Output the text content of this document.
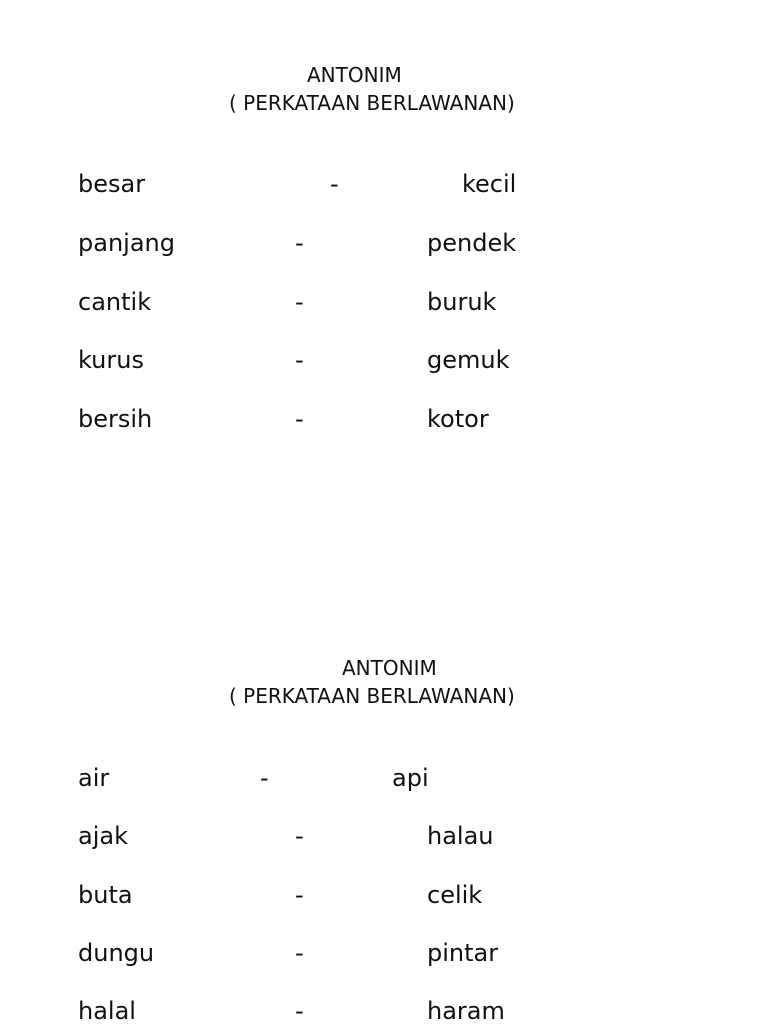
ANTONIM
( PERKATAAN BERLAWANAN)
besar	-	kecil
panjang	-	pendek
cantik	-	buruk
kurus	-	gemuk
bersih	-	kotor
ANTONIM
( PERKATAAN BERLAWANAN)
air	-	api
ajak	-	halau
buta	-	celik
dungu	-	pintar
halal	-	haram
